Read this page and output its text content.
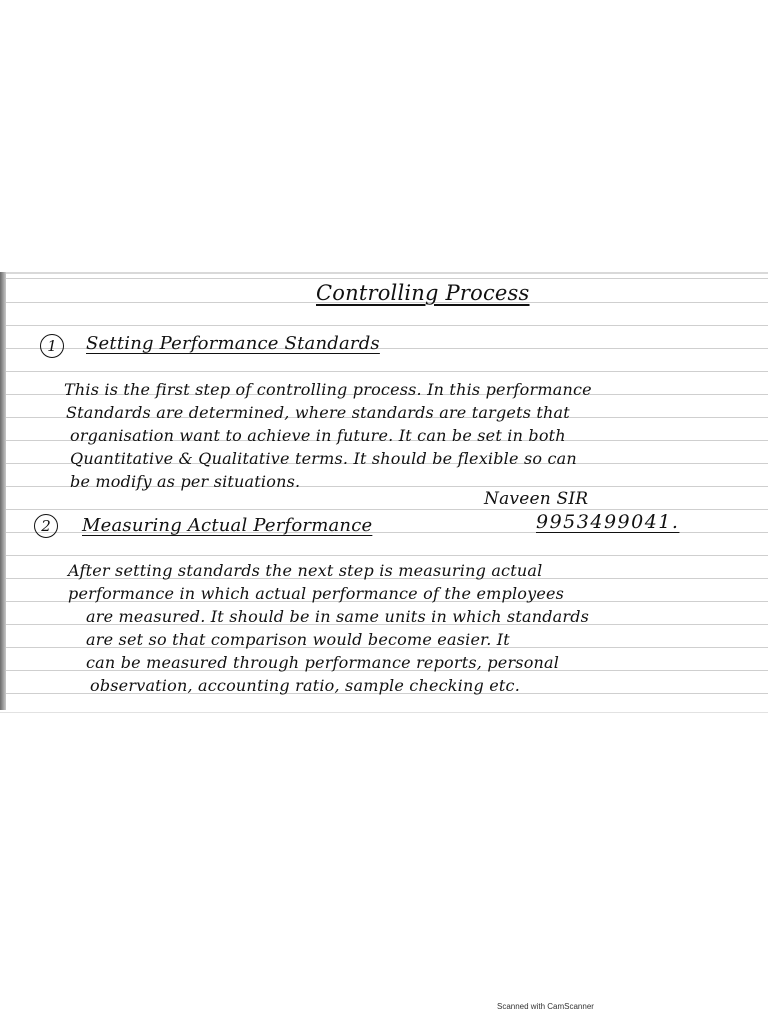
Controlling Process
1	Setting Performance Standards
This is the first step of controlling process. In this performance
Standards are determined, where standards are targets that
organisation want to achieve in future. It can be set in both
Quantitative & Qualitative terms. It should be flexible so can
be modify as per situations.
Naveen SIR
9953499041.
2	Measuring Actual Performance
After setting standards the next step is measuring actual
performance in which actual performance of the employees
are measured. It should be in same units in which standards
are set so that comparison would become easier. It
can be measured through performance reports, personal
observation, accounting ratio, sample checking etc.
Scanned with CamScanner
